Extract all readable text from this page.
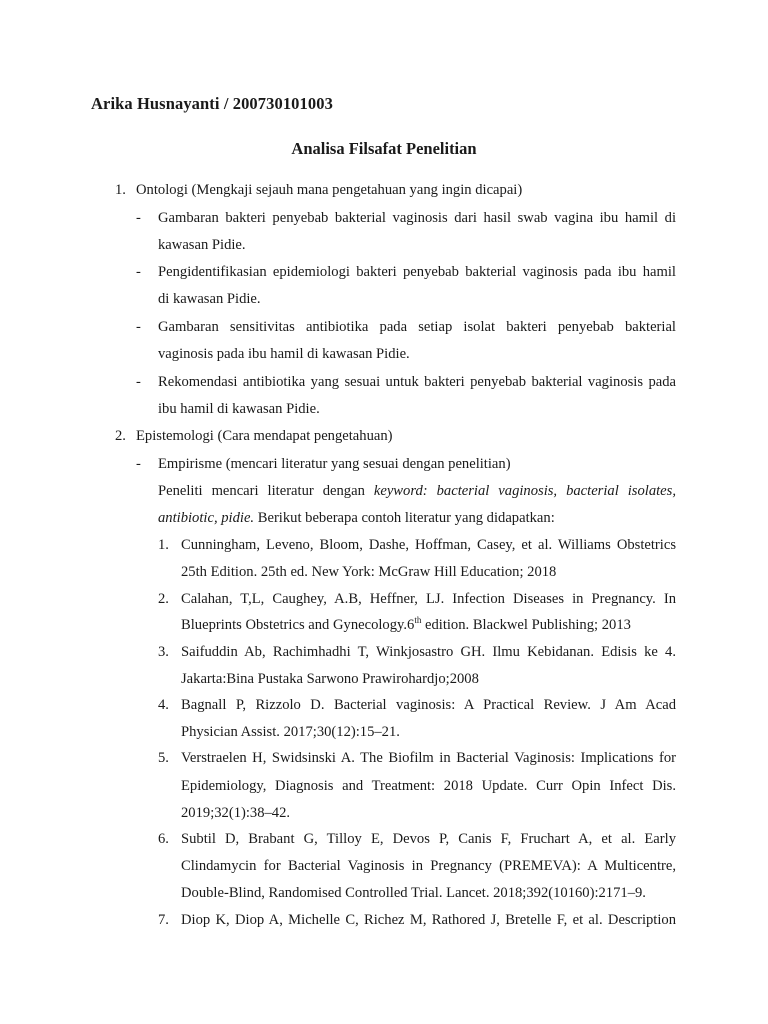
Arika Husnayanti / 200730101003
Analisa Filsafat Penelitian
1. Ontologi (Mengkaji sejauh mana pengetahuan yang ingin dicapai)
- Gambaran bakteri penyebab bakterial vaginosis dari hasil swab vagina ibu hamil di
kawasan Pidie.
- Pengidentifikasian epidemiologi bakteri penyebab bakterial vaginosis pada ibu hamil
di kawasan Pidie.
- Gambaran sensitivitas antibiotika pada setiap isolat bakteri penyebab bakterial
vaginosis pada ibu hamil di kawasan Pidie.
- Rekomendasi antibiotika yang sesuai untuk bakteri penyebab bakterial vaginosis pada
ibu hamil di kawasan Pidie.
2. Epistemologi (Cara mendapat pengetahuan)
- Empirisme (mencari literatur yang sesuai dengan penelitian)
Peneliti mencari literatur dengan keyword: bacterial vaginosis, bacterial isolates,
antibiotic, pidie. Berikut beberapa contoh literatur yang didapatkan:
1. Cunningham, Leveno, Bloom, Dashe, Hoffman, Casey, et al. Williams Obstetrics
25th Edition. 25th ed. New York: McGraw Hill Education; 2018
2. Calahan, T,L, Caughey, A.B, Heffner, LJ. Infection Diseases in Pregnancy. In
Blueprints Obstetrics and Gynecology.6th edition. Blackwel Publishing; 2013
3. Saifuddin Ab, Rachimhadhi T, Winkjosastro GH. Ilmu Kebidanan. Edisis ke 4.
Jakarta:Bina Pustaka Sarwono Prawirohardjo;2008
4. Bagnall P, Rizzolo D. Bacterial vaginosis: A Practical Review. J Am Acad
Physician Assist. 2017;30(12):15–21.
5. Verstraelen H, Swidsinski A. The Biofilm in Bacterial Vaginosis: Implications for
Epidemiology, Diagnosis and Treatment: 2018 Update. Curr Opin Infect Dis.
2019;32(1):38–42.
6. Subtil D, Brabant G, Tilloy E, Devos P, Canis F, Fruchart A, et al. Early
Clindamycin for Bacterial Vaginosis in Pregnancy (PREMEVA): A Multicentre,
Double-Blind, Randomised Controlled Trial. Lancet. 2018;392(10160):2171–9.
7. Diop K, Diop A, Michelle C, Richez M, Rathored J, Bretelle F, et al. Description
